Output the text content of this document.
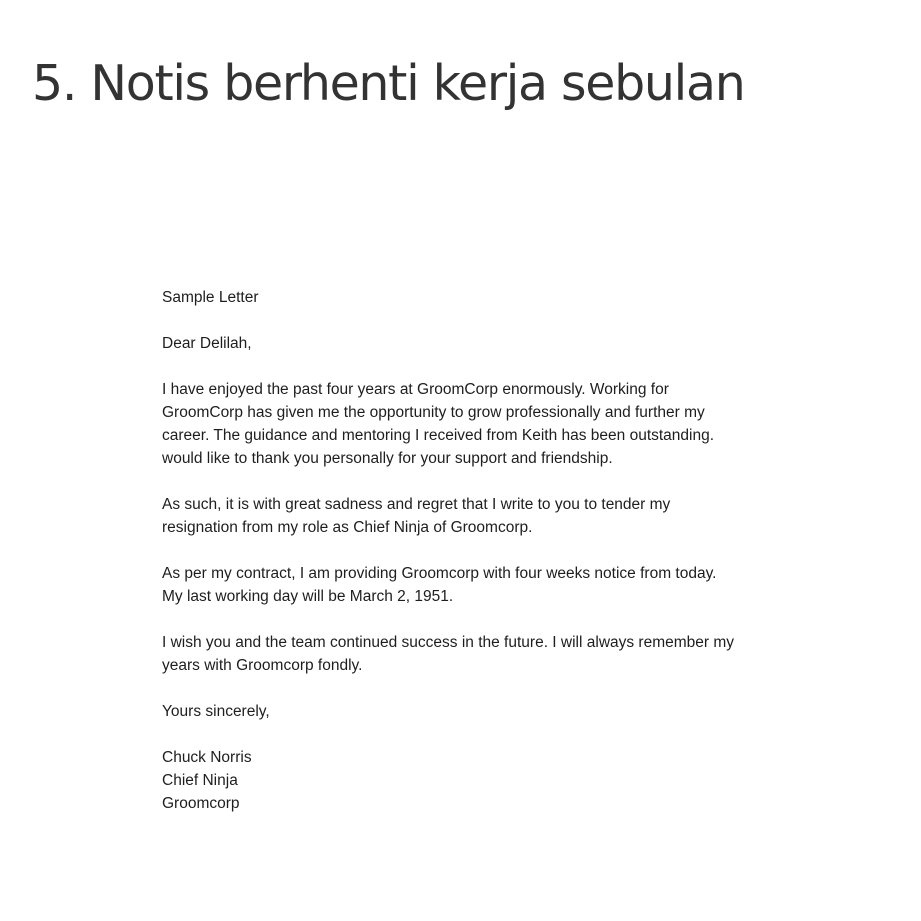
5. Notis berhenti kerja sebulan

Sample Letter

Dear Delilah,

I have enjoyed the past four years at GroomCorp enormously. Working for

GroomCorp has given me the opportunity to grow professionally and further my

career. The guidance and mentoring I received from Keith has been outstanding.

would like to thank you personally for your support and friendship.

As such, it is with great sadness and regret that I write to you to tender my

resignation from my role as Chief Ninja of Groomcorp.

As per my contract, I am providing Groomcorp with four weeks notice from today.

My last working day will be March 2, 1951.

I wish you and the team continued success in the future. I will always remember my

years with Groomcorp fondly.

Yours sincerely,

Chuck Norris

Chief Ninja

Groomcorp
